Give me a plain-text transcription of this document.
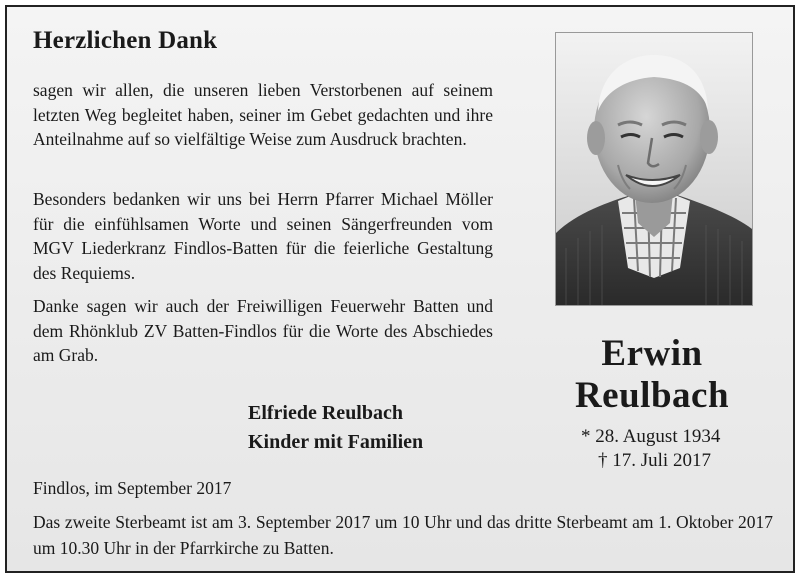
Herzlichen Dank

sagen wir allen, die unseren lieben Verstorbenen auf seinem letzten Weg begleitet haben, seiner im Gebet gedachten und ihre Anteilnahme auf so vielfältige Weise zum Ausdruck brachten.

Besonders bedanken wir uns bei Herrn Pfarrer Michael Möller für die einfühlsamen Worte und seinen Sängerfreunden vom MGV Liederkranz Findlos-Batten für die feierliche Gestaltung des Requiems.

Danke sagen wir auch der Freiwilligen Feuerwehr Batten und dem Rhönklub ZV Batten-Findlos für die Worte des Abschiedes am Grab.

Elfriede Reulbach
Kinder mit Familien
Findlos, im September 2017

Das zweite Sterbeamt ist am 3. September 2017 um 10 Uhr und das dritte Sterbeamt am 1. Oktober 2017 um 10.30 Uhr in der Pfarrkirche zu Batten.

Erwin
Reulbach
* 28. August 1934
† 17. Juli 2017
